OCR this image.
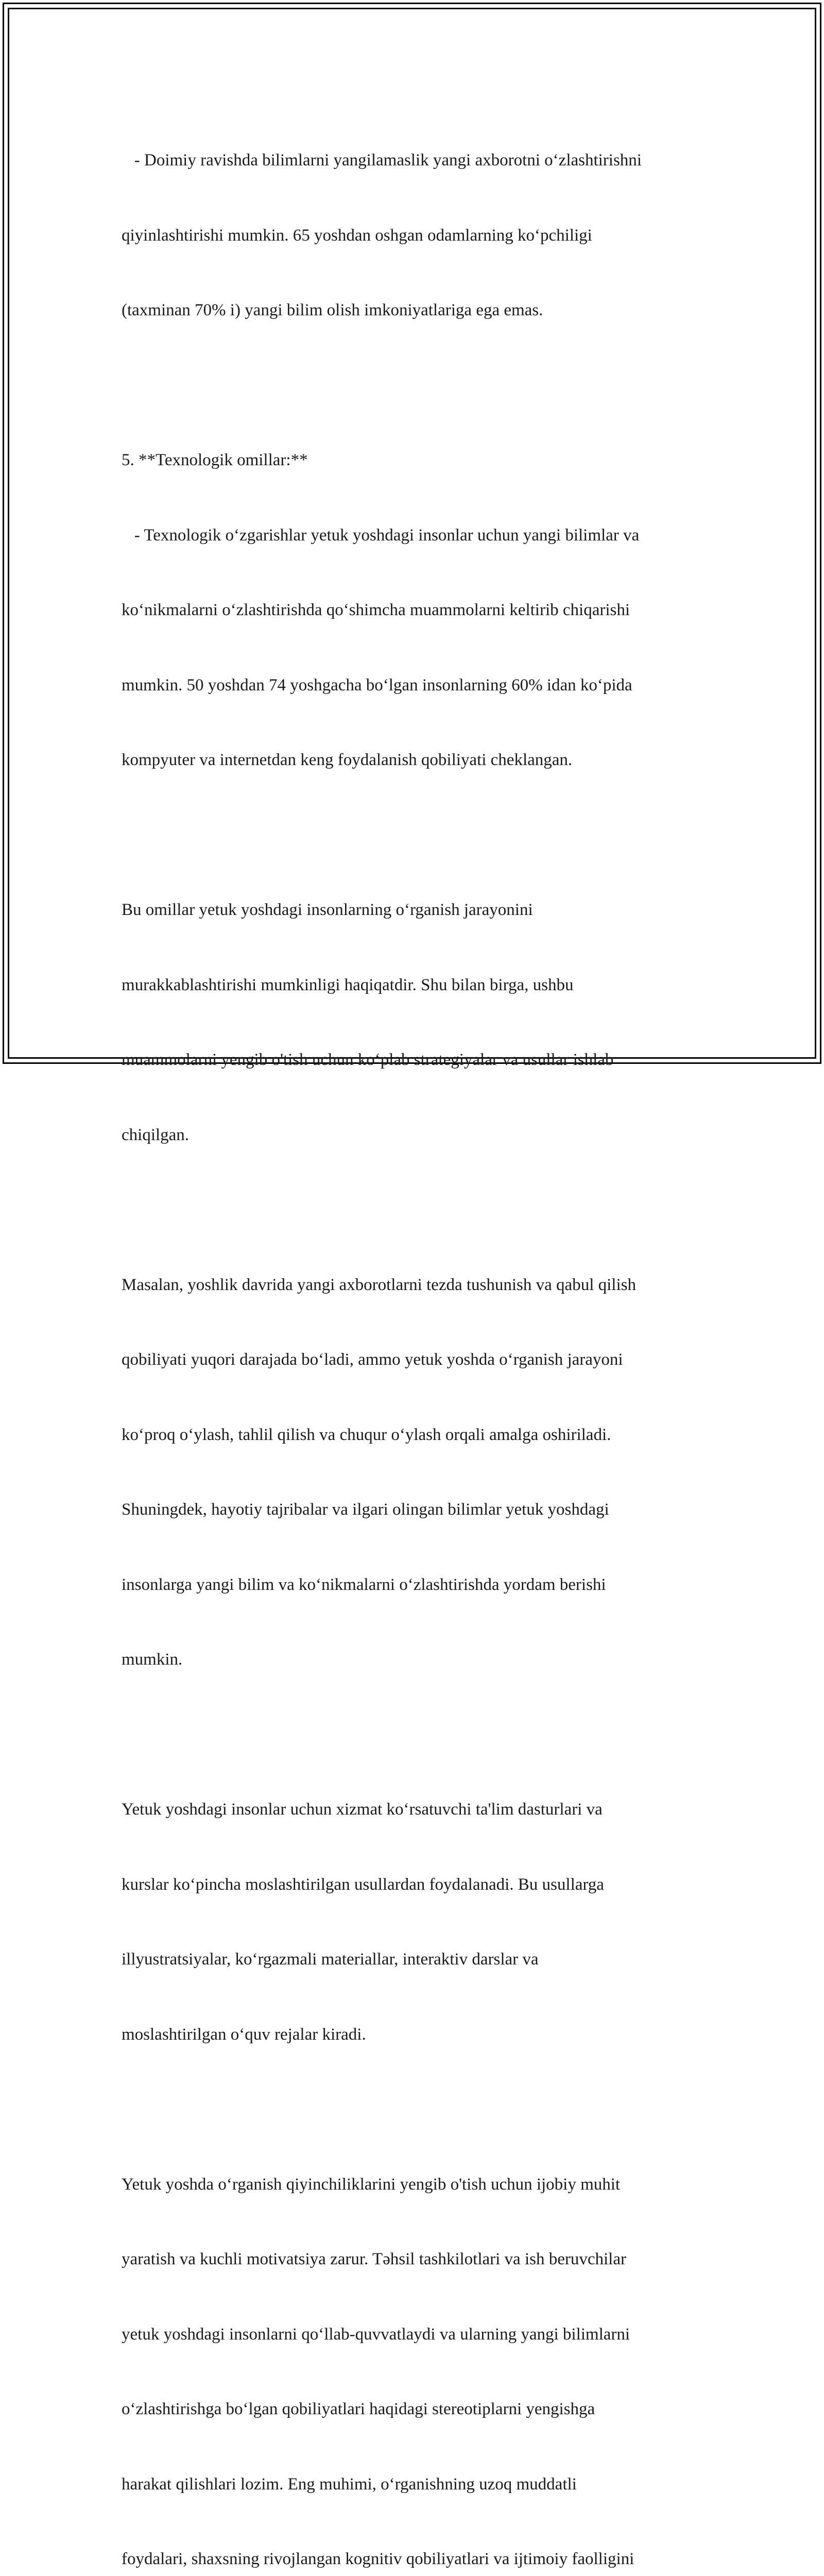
- Doimiy ravishda bilimlarni yangilamaslik yangi axborotni o‘zlashtirishni

qiyinlashtirishi mumkin. 65 yoshdan oshgan odamlarning ko‘pchiligi

(taxminan 70% i) yangi bilim olish imkoniyatlariga ega emas.

5. **Texnologik omillar:**

- Texnologik o‘zgarishlar yetuk yoshdagi insonlar uchun yangi bilimlar va

ko‘nikmalarni o‘zlashtirishda qo‘shimcha muammolarni keltirib chiqarishi

mumkin. 50 yoshdan 74 yoshgacha bo‘lgan insonlarning 60% idan ko‘pida

kompyuter va internetdan keng foydalanish qobiliyati cheklangan.

Bu omillar yetuk yoshdagi insonlarning o‘rganish jarayonini

murakkablashtirishi mumkinligi haqiqatdir. Shu bilan birga, ushbu

muammolarni yengib o'tish uchun ko‘plab strategiyalar va usullar ishlab

chiqilgan.

Masalan, yoshlik davrida yangi axborotlarni tezda tushunish va qabul qilish

qobiliyati yuqori darajada bo‘ladi, ammo yetuk yoshda o‘rganish jarayoni

ko‘proq o‘ylash, tahlil qilish va chuqur o‘ylash orqali amalga oshiriladi.

Shuningdek, hayotiy tajribalar va ilgari olingan bilimlar yetuk yoshdagi

insonlarga yangi bilim va ko‘nikmalarni o‘zlashtirishda yordam berishi

mumkin.

Yetuk yoshdagi insonlar uchun xizmat ko‘rsatuvchi ta'lim dasturlari va

kurslar ko‘pincha moslashtirilgan usullardan foydalanadi. Bu usullarga

illyustratsiyalar, ko‘rgazmali materiallar, interaktiv darslar va

moslashtirilgan o‘quv rejalar kiradi.

Yetuk yoshda o‘rganish qiyinchiliklarini yengib o'tish uchun ijobiy muhit

yaratish va kuchli motivatsiya zarur. Təhsil tashkilotlari va ish beruvchilar

yetuk yoshdagi insonlarni qo‘llab-quvvatlaydi va ularning yangi bilimlarni

o‘zlashtirishga bo‘lgan qobiliyatlari haqidagi stereotiplarni yengishga

harakat qilishlari lozim. Eng muhimi, o‘rganishning uzoq muddatli

foydalari, shaxsning rivojlangan kognitiv qobiliyatlari va ijtimoiy faolligini
